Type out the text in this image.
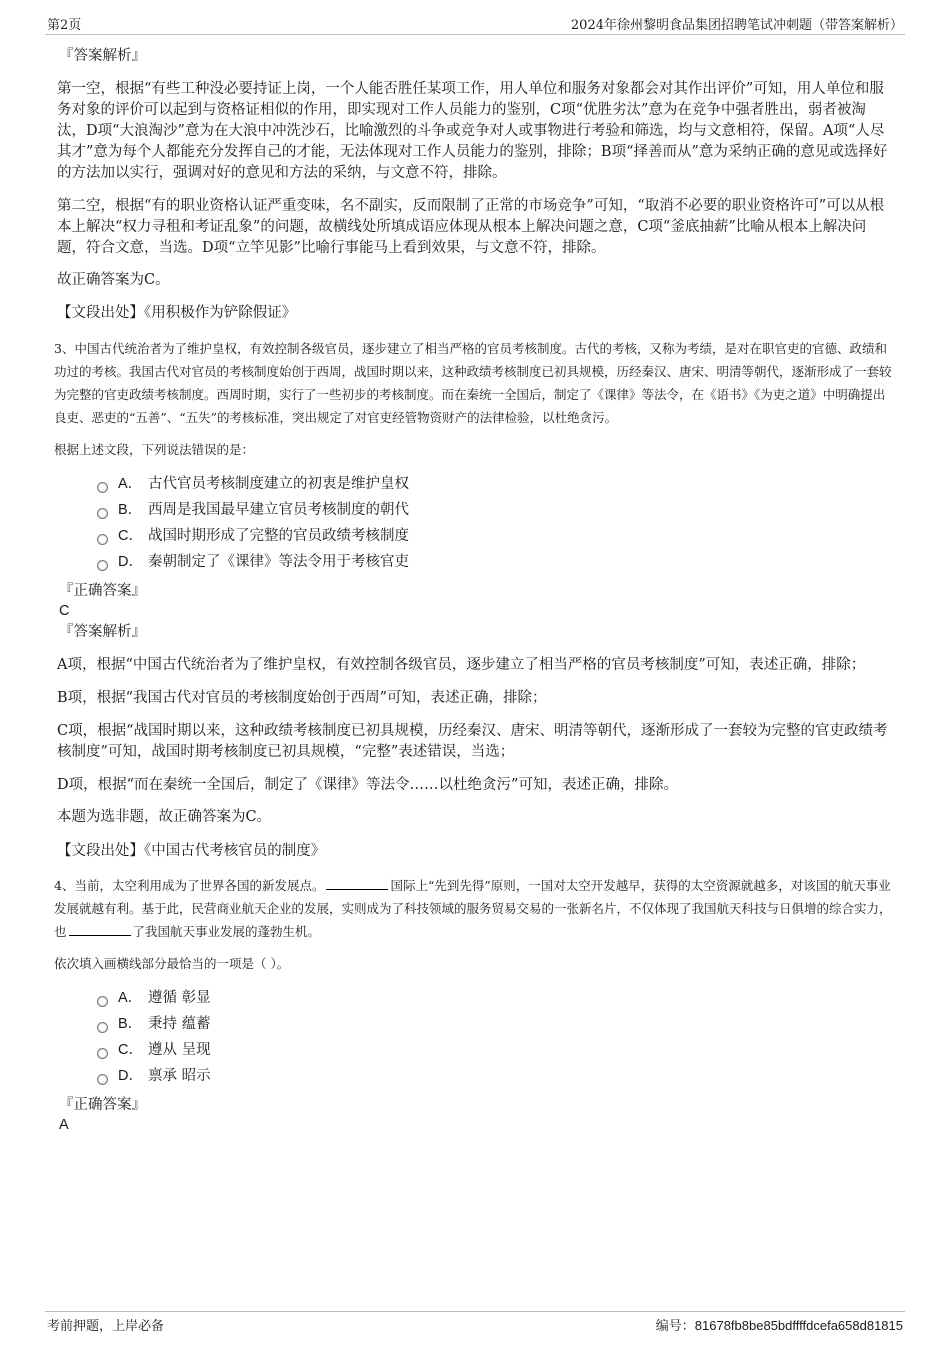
第2页	2024年徐州黎明食品集团招聘笔试冲刺题（带答案解析）

『答案解析』

第一空，根据“有些工种没必要持证上岗，一个人能否胜任某项工作，用人单位和服务对象都会对其作出评价”可知，用人单位和服务对象的评价可以起到与资格证相似的作用，即实现对工作人员能力的鉴别，C项“优胜劣汰”意为在竞争中强者胜出，弱者被淘汰，D项“大浪淘沙”意为在大浪中冲洗沙石，比喻激烈的斗争或竞争对人或事物进行考验和筛选，均与文意相符，保留。A项“人尽其才”意为每个人都能充分发挥自己的才能，无法体现对工作人员能力的鉴别，排除；B项“择善而从”意为采纳正确的意见或选择好的方法加以实行，强调对好的意见和方法的采纳，与文意不符，排除。

第二空，根据“有的职业资格认证严重变味，名不副实，反而限制了正常的市场竞争”可知，“取消不必要的职业资格许可”可以从根本上解决“权力寻租和考证乱象”的问题，故横线处所填成语应体现从根本上解决问题之意，C项“釜底抽薪”比喻从根本上解决问题，符合文意，当选。D项“立竿见影”比喻行事能马上看到效果，与文意不符，排除。

故正确答案为C。

【文段出处】《用积极作为铲除假证》

3、中国古代统治者为了维护皇权，有效控制各级官员，逐步建立了相当严格的官员考核制度。古代的考核，又称为考绩，是对在职官吏的官德、政绩和功过的考核。我国古代对官员的考核制度始创于西周，战国时期以来，这种政绩考核制度已初具规模，历经秦汉、唐宋、明清等朝代，逐渐形成了一套较为完整的官吏政绩考核制度。西周时期，实行了一些初步的考核制度。而在秦统一全国后，制定了《课律》等法令，在《语书》《为吏之道》中明确提出良吏、恶吏的“五善”、“五失”的考核标准，突出规定了对官吏经管物资财产的法律检验，以杜绝贪污。

根据上述文段，下列说法错误的是：

A． 古代官员考核制度建立的初衷是维护皇权
B． 西周是我国最早建立官员考核制度的朝代
C． 战国时期形成了完整的官员政绩考核制度
D． 秦朝制定了《课律》等法令用于考核官吏

『正确答案』

C

『答案解析』

A项，根据“中国古代统治者为了维护皇权，有效控制各级官员，逐步建立了相当严格的官员考核制度”可知，表述正确，排除；

B项，根据“我国古代对官员的考核制度始创于西周”可知，表述正确，排除；

C项，根据“战国时期以来，这种政绩考核制度已初具规模，历经秦汉、唐宋、明清等朝代，逐渐形成了一套较为完整的官吏政绩考核制度”可知，战国时期考核制度已初具规模，“完整”表述错误，当选；

D项，根据“而在秦统一全国后，制定了《课律》等法令……以杜绝贪污”可知，表述正确，排除。

本题为选非题，故正确答案为C。

【文段出处】《中国古代考核官员的制度》

4、当前，太空利用成为了世界各国的新发展点。	国际上“先到先得”原则，一国对太空开发越早，获得的太空资源就越多，对该国的航天事业发展就越有利。基于此，民营商业航天企业的发展，实则成为了科技领域的服务贸易交易的一张新名片，不仅体现了我国航天科技与日俱增的综合实力，也	了我国航天事业发展的蓬勃生机。

依次填入画横线部分最恰当的一项是（ ）。

A． 遵循 彰显
B． 秉持 蕴蓄
C． 遵从 呈现
D． 禀承 昭示

『正确答案』

A

考前押题，上岸必备	编号：81678fb8be85bdffffdcefa658d81815
